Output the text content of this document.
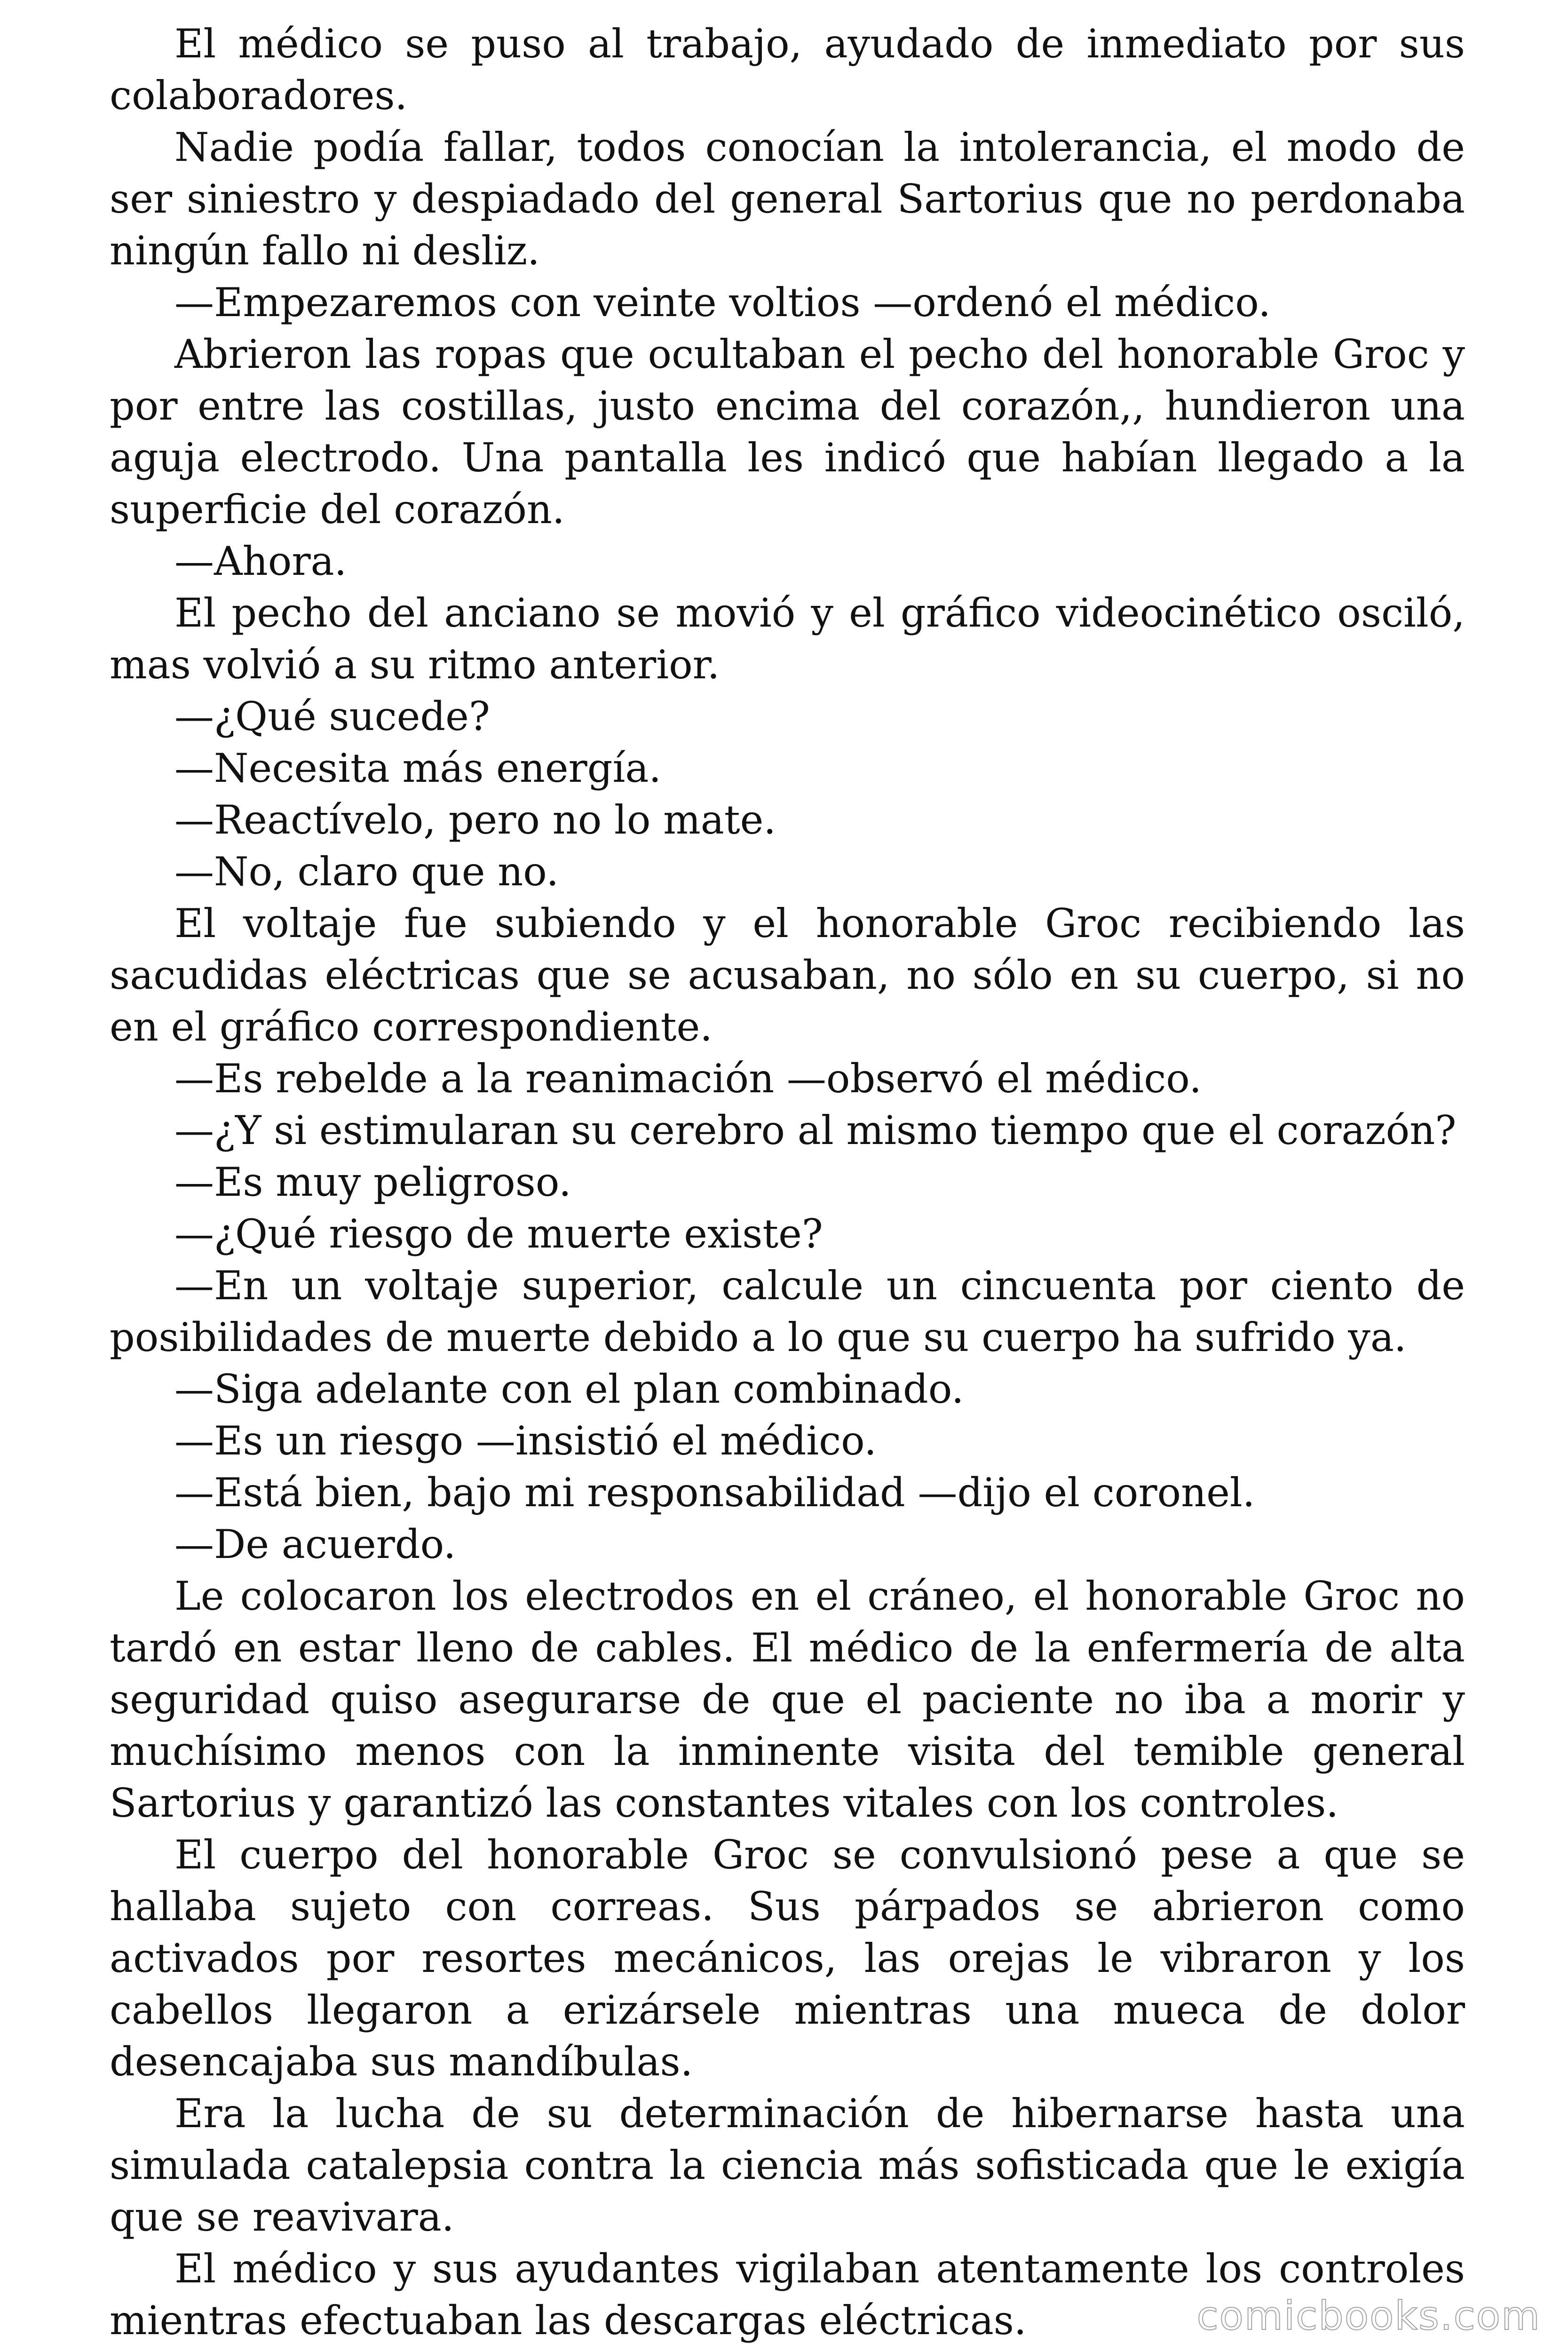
El médico se puso al trabajo, ayudado de inmediato por sus colaboradores.

Nadie podía fallar, todos conocían la intolerancia, el modo de ser siniestro y despiadado del general Sartorius que no perdonaba ningún fallo ni desliz.

—Empezaremos con veinte voltios —ordenó el médico.

Abrieron las ropas que ocultaban el pecho del honorable Groc y por entre las costillas, justo encima del corazón,, hundieron una aguja electrodo. Una pantalla les indicó que habían llegado a la superficie del corazón.

—Ahora.

El pecho del anciano se movió y el gráfico videocinético osciló, mas volvió a su ritmo anterior.

—¿Qué sucede?

—Necesita más energía.

—Reactívelo, pero no lo mate.

—No, claro que no.

El voltaje fue subiendo y el honorable Groc recibiendo las sacudidas eléctricas que se acusaban, no sólo en su cuerpo, si no en el gráfico correspondiente.

—Es rebelde a la reanimación —observó el médico.

—¿Y si estimularan su cerebro al mismo tiempo que el corazón?

—Es muy peligroso.

—¿Qué riesgo de muerte existe?

—En un voltaje superior, calcule un cincuenta por ciento de posibilidades de muerte debido a lo que su cuerpo ha sufrido ya.

—Siga adelante con el plan combinado.

—Es un riesgo —insistió el médico.

—Está bien, bajo mi responsabilidad —dijo el coronel.

—De acuerdo.

Le colocaron los electrodos en el cráneo, el honorable Groc no tardó en estar lleno de cables. El médico de la enfermería de alta seguridad quiso asegurarse de que el paciente no iba a morir y muchísimo menos con la inminente visita del temible general Sartorius y garantizó las constantes vitales con los controles.

El cuerpo del honorable Groc se convulsionó pese a que se hallaba sujeto con correas. Sus párpados se abrieron como activados por resortes mecánicos, las orejas le vibraron y los cabellos llegaron a erizársele mientras una mueca de dolor desencajaba sus mandíbulas.

Era la lucha de su determinación de hibernarse hasta una simulada catalepsia contra la ciencia más sofisticada que le exigía que se reavivara.

El médico y sus ayudantes vigilaban atentamente los controles mientras efectuaban las descargas eléctricas.	comicbooks.com
